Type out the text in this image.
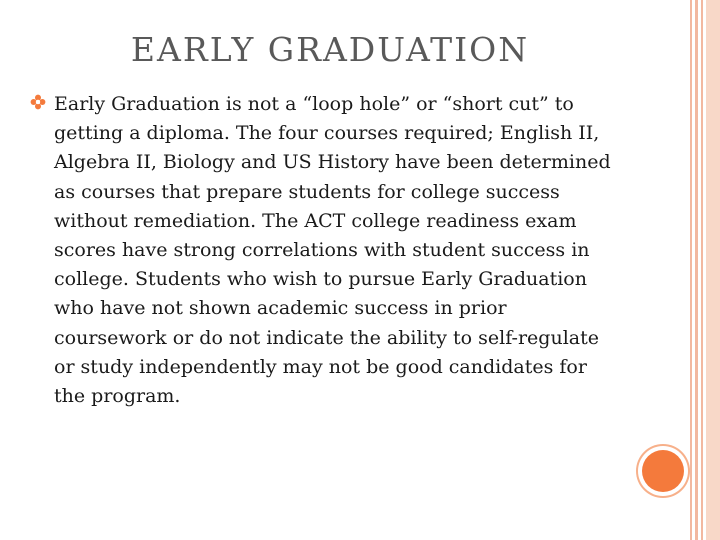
EARLY GRADUATION
Early Graduation is not a “loop hole” or “short cut” to getting a diploma. The four courses required; English II, Algebra II, Biology and US History have been determined as courses that prepare students for college success without remediation. The ACT college readiness exam scores have strong correlations with student success in college. Students who wish to pursue Early Graduation who have not shown academic success in prior coursework or do not indicate the ability to self-regulate or study independently may not be good candidates for the program.
